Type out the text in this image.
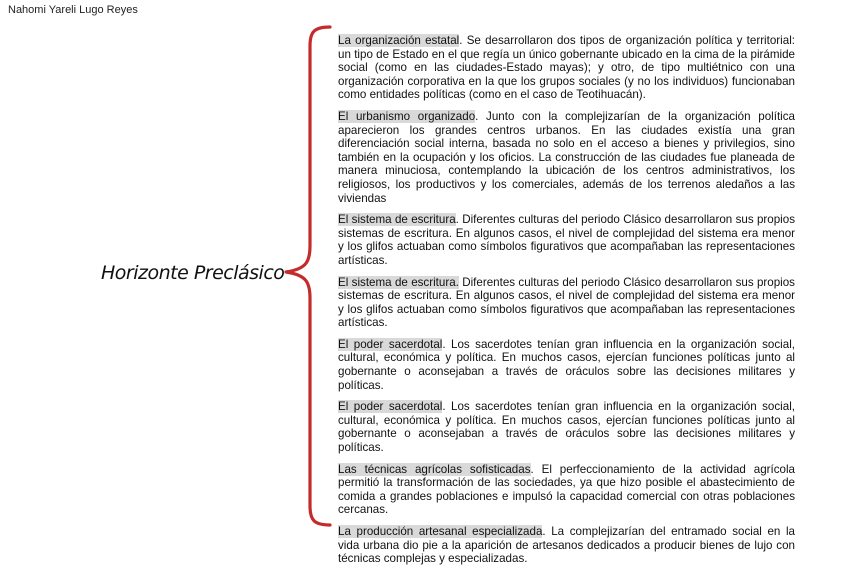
Nahomi Yareli Lugo Reyes
Horizonte Preclásico

La organización estatal. Se desarrollaron dos tipos de organización política y territorial: un tipo de Estado en el que regía un único gobernante ubicado en la cima de la pirámide social (como en las ciudades-Estado mayas); y otro, de tipo multiétnico con una organización corporativa en la que los grupos sociales (y no los individuos) funcionaban como entidades políticas (como en el caso de Teotihuacán).

El urbanismo organizado. Junto con la complejizarían de la organización política aparecieron los grandes centros urbanos. En las ciudades existía una gran diferenciación social interna, basada no solo en el acceso a bienes y privilegios, sino también en la ocupación y los oficios. La construcción de las ciudades fue planeada de manera minuciosa, contemplando la ubicación de los centros administrativos, los religiosos, los productivos y los comerciales, además de los terrenos aledaños a las viviendas

El sistema de escritura. Diferentes culturas del periodo Clásico desarrollaron sus propios sistemas de escritura. En algunos casos, el nivel de complejidad del sistema era menor y los glifos actuaban como símbolos figurativos que acompañaban las representaciones artísticas.

El sistema de escritura. Diferentes culturas del periodo Clásico desarrollaron sus propios sistemas de escritura. En algunos casos, el nivel de complejidad del sistema era menor y los glifos actuaban como símbolos figurativos que acompañaban las representaciones artísticas.

El poder sacerdotal. Los sacerdotes tenían gran influencia en la organización social, cultural, económica y política. En muchos casos, ejercían funciones políticas junto al gobernante o aconsejaban a través de oráculos sobre las decisiones militares y políticas.

El poder sacerdotal. Los sacerdotes tenían gran influencia en la organización social, cultural, económica y política. En muchos casos, ejercían funciones políticas junto al gobernante o aconsejaban a través de oráculos sobre las decisiones militares y políticas.

Las técnicas agrícolas sofisticadas. El perfeccionamiento de la actividad agrícola permitió la transformación de las sociedades, ya que hizo posible el abastecimiento de comida a grandes poblaciones e impulsó la capacidad comercial con otras poblaciones cercanas.

La producción artesanal especializada. La complejizarían del entramado social en la vida urbana dio pie a la aparición de artesanos dedicados a producir bienes de lujo con técnicas complejas y especializadas.
